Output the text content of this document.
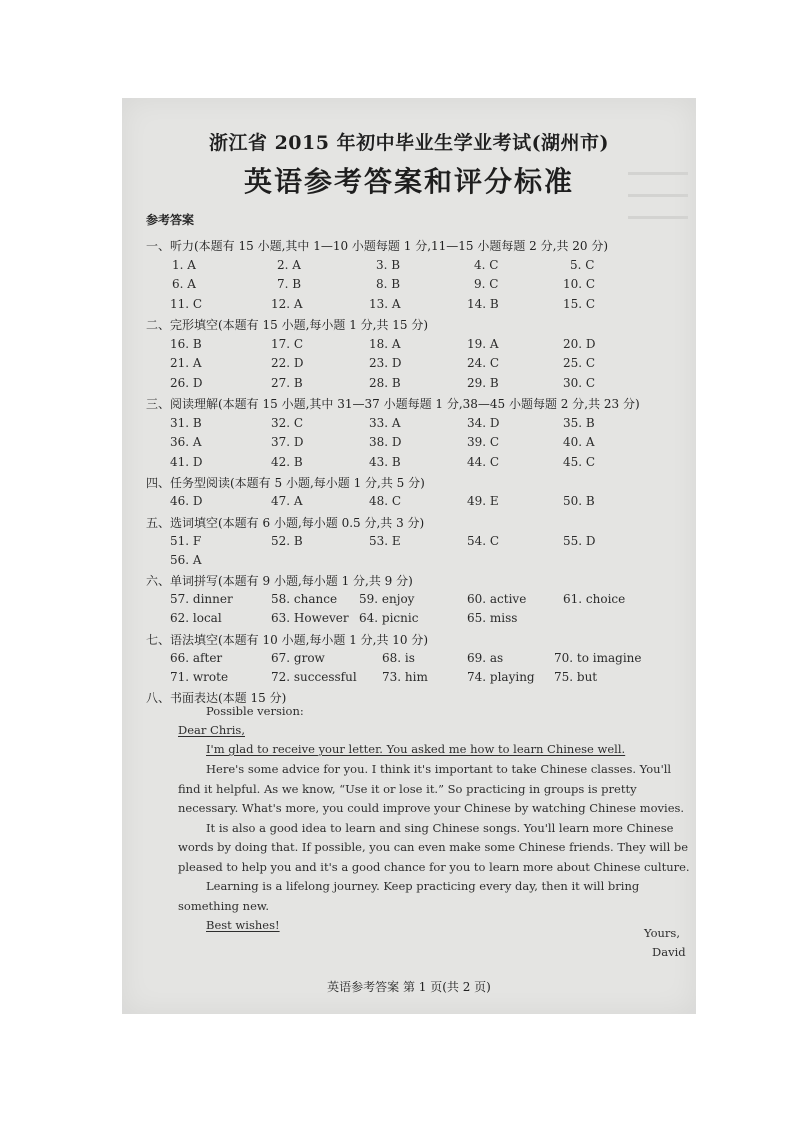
浙江省 2015 年初中毕业生学业考试(湖州市)
英语参考答案和评分标准
参考答案
一、听力(本题有 15 小题,其中 1—10 小题每题 1 分,11—15 小题每题 2 分,共 20 分)
二、完形填空(本题有 15 小题,每小题 1 分,共 15 分)
三、阅读理解(本题有 15 小题,其中 31—37 小题每题 1 分,38—45 小题每题 2 分,共 23 分)
四、任务型阅读(本题有 5 小题,每小题 1 分,共 5 分)
五、选词填空(本题有 6 小题,每小题 0.5 分,共 3 分)
六、单词拼写(本题有 9 小题,每小题 1 分,共 9 分)
七、语法填空(本题有 10 小题,每小题 1 分,共 10 分)
八、书面表达(本题 15 分)
1. A	2. A	3. B	4. C	5. C
6. A	7. B	8. B	9. C	10. C
11. C	12. A	13. A	14. B	15. C
16. B	17. C	18. A	19. A	20. D
21. A	22. D	23. D	24. C	25. C
26. D	27. B	28. B	29. B	30. C
31. B	32. C	33. A	34. D	35. B
36. A	37. D	38. D	39. C	40. A
41. D	42. B	43. B	44. C	45. C
46. D	47. A	48. C	49. E	50. B
51. F	52. B	53. E	54. C	55. D
56. A
57. dinner	58. chance 59. enjoy	60. active	61. choice
62. local	63. However 64. picnic	65. miss
66. after	67. grow	68. is	69. as	70. to imagine
71. wrote	72. successful 73. him	74. playing 75. but
Possible version:
Dear Chris,
I'm glad to receive your letter. You asked me how to learn Chinese well.
Here's some advice for you. I think it's important to take Chinese classes. You'll
find it helpful. As we know, “Use it or lose it.” So practicing in groups is pretty
necessary. What's more, you could improve your Chinese by watching Chinese movies.
It is also a good idea to learn and sing Chinese songs. You'll learn more Chinese
words by doing that. If possible, you can even make some Chinese friends. They will be
pleased to help you and it's a good chance for you to learn more about Chinese culture.
Learning is a lifelong journey. Keep practicing every day, then it will bring
something new.
Best wishes!
Yours,
David
英语参考答案 第 1 页(共 2 页)
